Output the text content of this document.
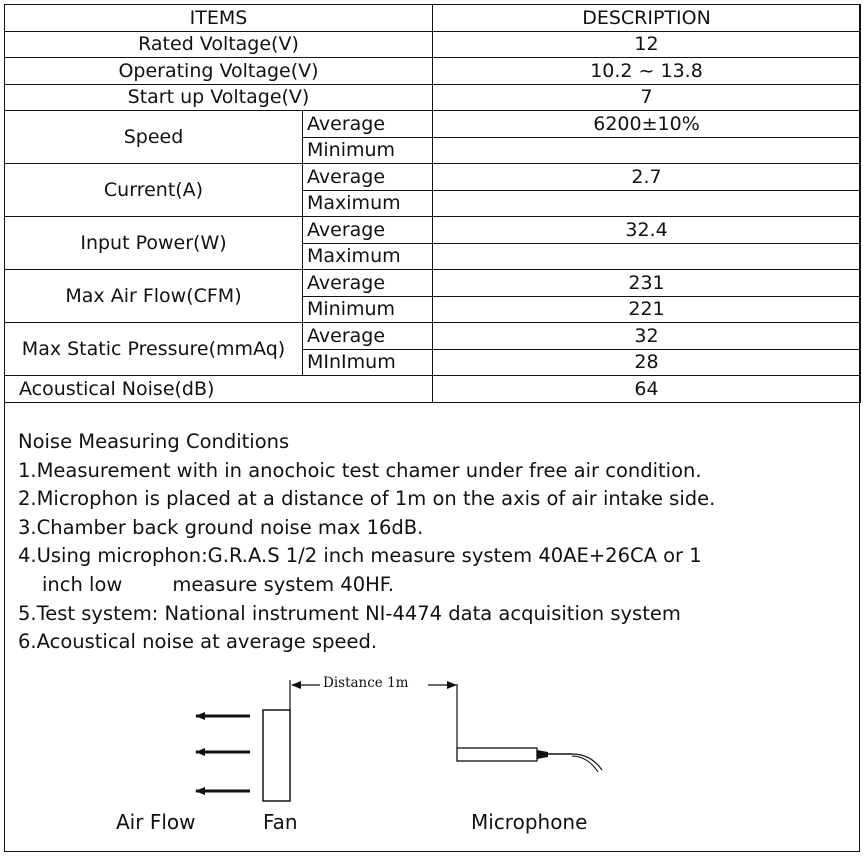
ITEMS		DESCRIPTION
Rated Voltage(V)		12
Operating Voltage(V)		10.2 ~ 13.8
Start up Voltage(V)		7
Speed	Average	6200±10%
	Minimum	
Current(A)	Average	2.7
	Maximum	
Input Power(W)	Average	32.4
	Maximum	
Max Air Flow(CFM)	Average	231
	Minimum	221
Max Static Pressure(mmAq)	Average	32
	MInImum	28
Acoustical Noise(dB)		64
Noise Measuring Conditions
1.Measurement with in anochoic test chamer under free air condition.
2.Microphon is placed at a distance of 1m on the axis of air intake side.
3.Chamber back ground noise max 16dB.
4.Using microphon:G.R.A.S 1/2 inch measure system 40AE+26CA or 1
inch low	measure system 40HF.
5.Test system: National instrument NI-4474 data acquisition system
6.Acoustical noise at average speed.
Distance 1m
Air Flow	Fan	Microphone
